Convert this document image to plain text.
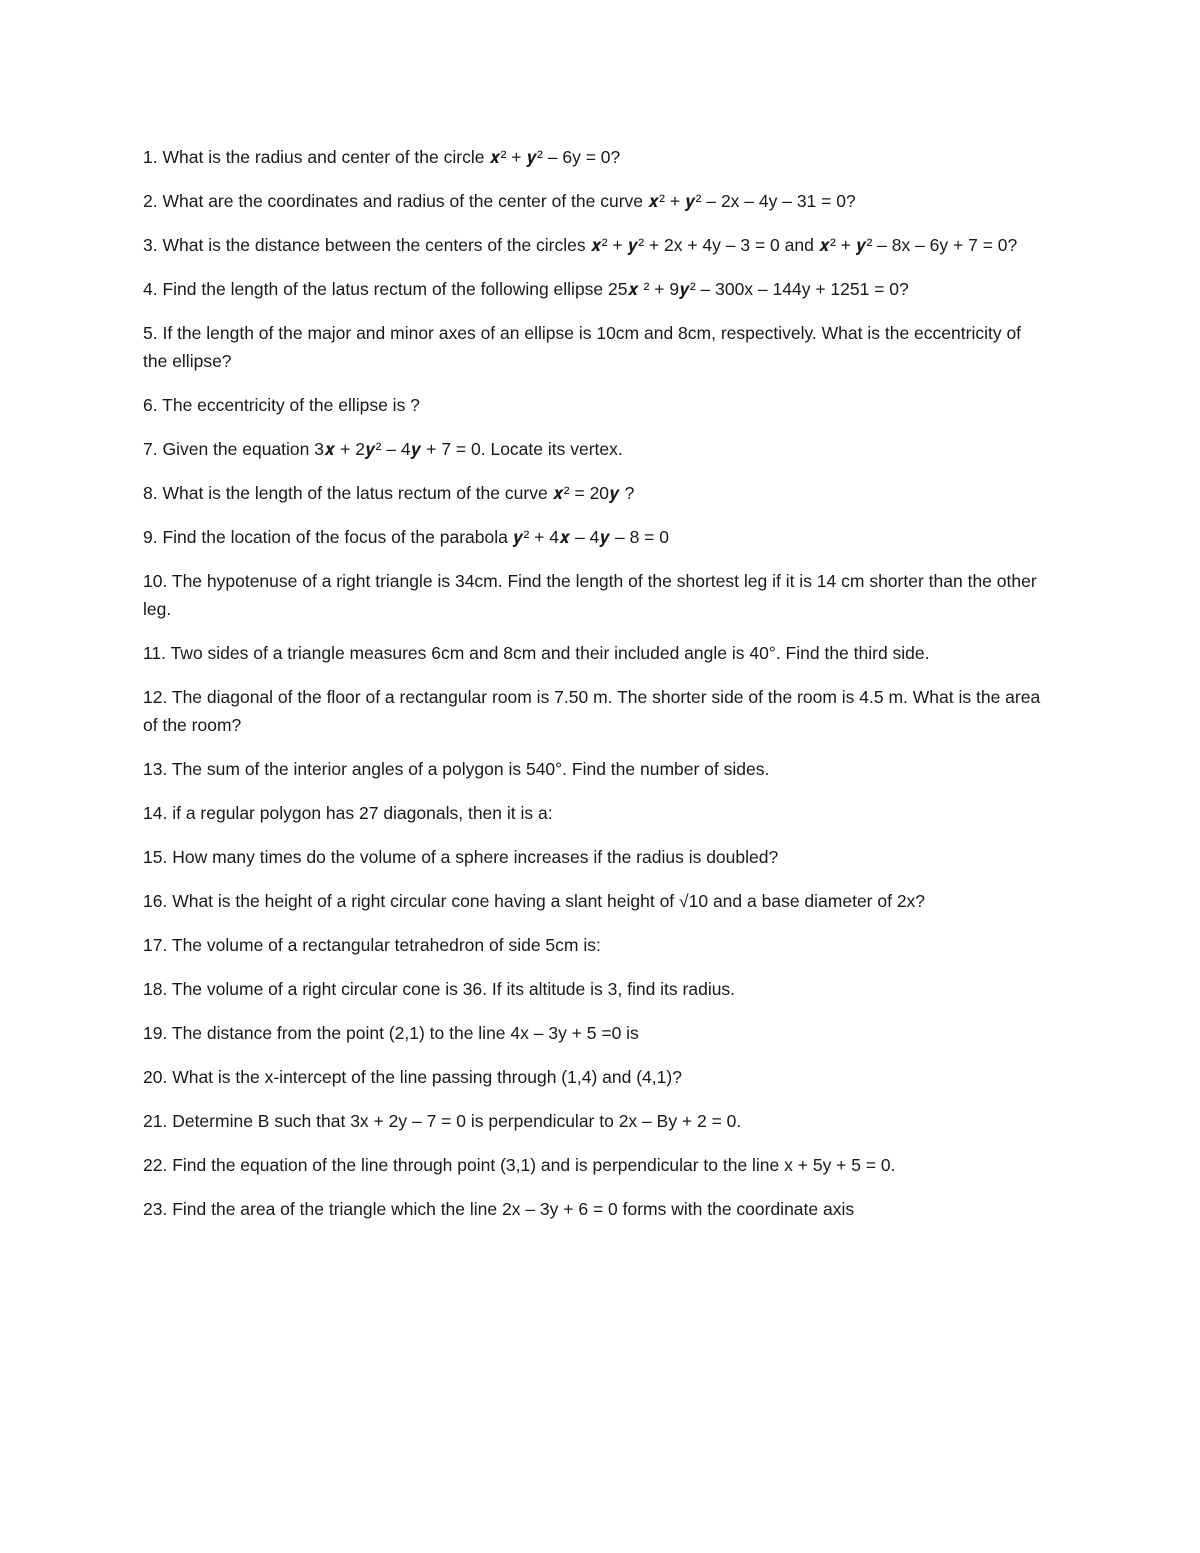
1. What is the radius and center of the circle 𝒙² + 𝒚² – 6y = 0?

2. What are the coordinates and radius of the center of the curve 𝒙² + 𝒚² – 2x – 4y – 31 = 0?

3. What is the distance between the centers of the circles 𝒙² + 𝒚² + 2x + 4y – 3 = 0 and 𝒙² + 𝒚² – 8x – 6y + 7 = 0?

4. Find the length of the latus rectum of the following ellipse 25𝒙 ² + 9𝒚² – 300x – 144y + 1251 = 0?

5. If the length of the major and minor axes of an ellipse is 10cm and 8cm, respectively. What is the eccentricity of the ellipse?

6. The eccentricity of the ellipse is ?

7. Given the equation 3𝒙 + 2𝒚² – 4𝒚 + 7 = 0. Locate its vertex.

8. What is the length of the latus rectum of the curve 𝒙² = 20𝒚 ?

9. Find the location of the focus of the parabola 𝒚² + 4𝒙 – 4𝒚 – 8 = 0

10. The hypotenuse of a right triangle is 34cm. Find the length of the shortest leg if it is 14 cm shorter than the other leg.

11. Two sides of a triangle measures 6cm and 8cm and their included angle is 40°. Find the third side.

12. The diagonal of the floor of a rectangular room is 7.50 m. The shorter side of the room is 4.5 m. What is the area of the room?

13. The sum of the interior angles of a polygon is 540°. Find the number of sides.

14. if a regular polygon has 27 diagonals, then it is a:

15. How many times do the volume of a sphere increases if the radius is doubled?

16. What is the height of a right circular cone having a slant height of √10 and a base diameter of 2x?

17. The volume of a rectangular tetrahedron of side 5cm is:

18. The volume of a right circular cone is 36. If its altitude is 3, find its radius.

19. The distance from the point (2,1) to the line 4x – 3y + 5 =0 is

20. What is the x-intercept of the line passing through (1,4) and (4,1)?

21. Determine B such that 3x + 2y – 7 = 0 is perpendicular to 2x – By + 2 = 0.

22. Find the equation of the line through point (3,1) and is perpendicular to the line x + 5y + 5 = 0.

23. Find the area of the triangle which the line 2x – 3y + 6 = 0 forms with the coordinate axis
